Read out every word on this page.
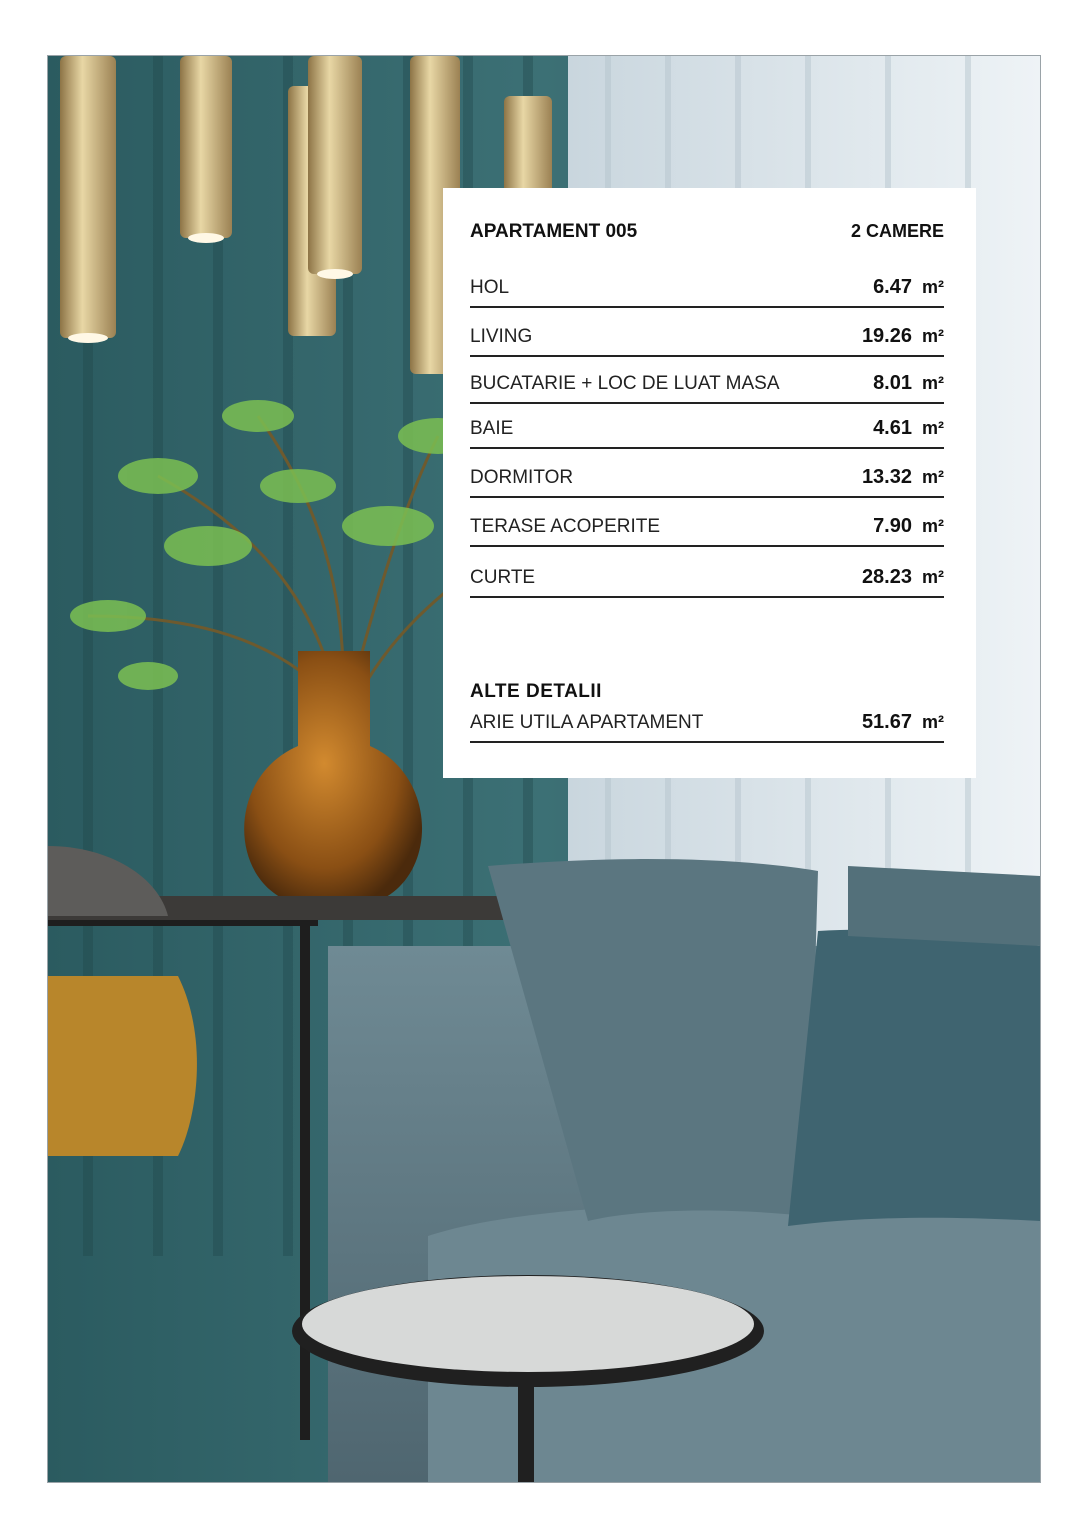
APARTAMENT 005	2 CAMERE
HOL	6.47 m²
LIVING	19.26 m²
BUCATARIE + LOC DE LUAT MASA	8.01 m²
BAIE	4.61 m²
DORMITOR	13.32 m²
TERASE ACOPERITE	7.90 m²
CURTE	28.23 m²
ALTE DETALII
ARIE UTILA APARTAMENT	51.67 m²
